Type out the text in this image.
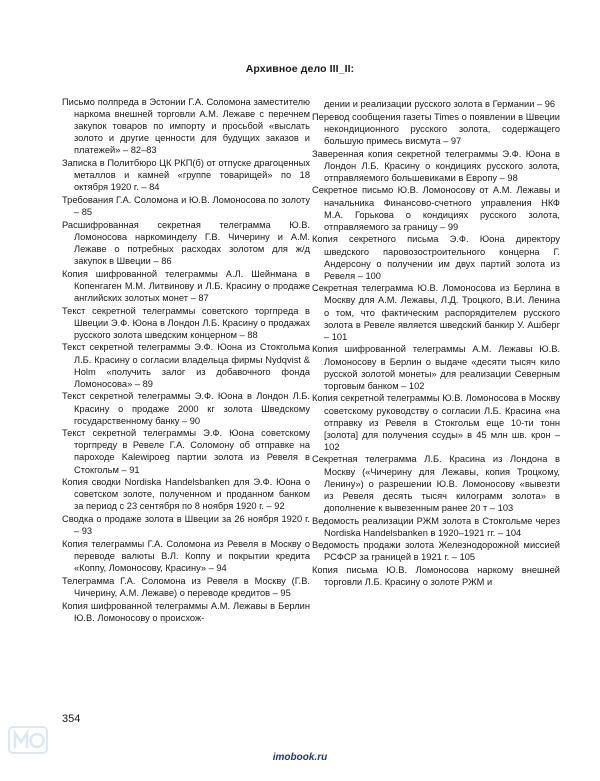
Архивное дело III_II:
Письмо полпреда в Эстонии Г.А. Соломона заместителю наркома внешней торговли А.М. Лежаве с перечнем закупок товаров по импорту и просьбой «выслать золото и другие ценности для будущих заказов и платежей» – 82–83
Записка в Политбюро ЦК РКП(б) от отпуске драгоценных металлов и камней «группе товарищей» по 18 октября 1920 г. – 84
Требования Г.А. Соломона и Ю.В. Ломоносова по золоту – 85
Расшифрованная секретная телеграмма Ю.В. Ломоносова наркоминделу Г.В. Чичерину и А.М. Лежаве о потребных расходах золотом для ж/д закупок в Швеции – 86
Копия шифрованной телеграммы А.Л. Шейнмана в Копенгаген М.М. Литвинову и Л.Б. Красину о продаже английских золотых монет – 87
Текст секретной телеграммы советского торгпреда в Швеции Э.Ф. Юона в Лондон Л.Б. Красину о продажах русского золота шведским концерном – 88
Текст секретной телеграммы Э.Ф. Юона из Стокгольма Л.Б. Красину о согласии владельца фирмы Nydqvist & Holm «получить залог из добавочного фонда Ломоносова» – 89
Текст секретной телеграммы Э.Ф. Юона в Лондон Л.Б. Красину о продаже 2000 кг золота Шведскому государственному банку – 90
Текст секретной телеграммы Э.Ф. Юона советскому торгпреду в Ревеле Г.А. Соломону об отправке на пароходе Kalewipoeg партии золота из Ревеля в Стокгольм – 91
Копия сводки Nordiska Handelsbanken для Э.Ф. Юона о советском золоте, полученном и проданном банком за период с 23 сентября по 8 ноября 1920 г. – 92
Сводка о продаже золота в Швеции за 26 ноября 1920 г. – 93
Копия телеграммы Г.А. Соломона из Ревеля в Москву о переводе валюты В.Л. Коппу и покрытии кредита «Коппу, Ломоносову, Красину» – 94
Телеграмма Г.А. Соломона из Ревеля в Москву (Г.В. Чичерину, А.М. Лежаве) о переводе кредитов – 95
Копия шифрованной телеграммы А.М. Лежавы в Берлин Ю.В. Ломоносову о происхож-
дении и реализации русского золота в Германии – 96
Перевод сообщения газеты Times о появлении в Швеции некондиционного русского золота, содержащего большую примесь висмута – 97
Заверенная копия секретной телеграммы Э.Ф. Юона в Лондон Л.Б. Красину о кондициях русского золота, отправляемого большевиками в Европу – 98
Секретное письмо Ю.В. Ломоносову от А.М. Лежавы и начальника Финансово-счетного управления НКФ М.А. Горькова о кондициях русского золота, отправляемого за границу – 99
Копия секретного письма Э.Ф. Юона директору шведского паровозостроительного концерна Г. Андерсону о получении им двух партий золота из Ревеля – 100
Секретная телеграмма Ю.В. Ломоносова из Берлина в Москву для А.М. Лежавы, Л.Д. Троцкого, В.И. Ленина о том, что фактическим распорядителем русского золота в Ревеле является шведский банкир У. Ашберг – 101
Копия шифрованной телеграммы А.М. Лежавы Ю.В. Ломоносову в Берлин о выдаче «десяти тысяч кило русской золотой монеты» для реализации Северным торговым банком – 102
Копия секретной телеграммы Ю.В. Ломоносова в Москву советскому руководству о согласии Л.Б. Красина «на отправку из Ревеля в Стокгольм еще 10-ти тонн [золота] для получения ссуды» в 45 млн шв. крон – 102
Секретная телеграмма Л.Б. Красина из Лондона в Москву («Чичерину для Лежавы, копия Троцкому, Ленину») о разрешении Ю.В. Ломоносову «вывезти из Ревеля десять тысяч килограмм золота» в дополнение к вывезенным ранее 20 т – 103
Ведомость реализации РЖМ золота в Стокгольме через Nordiska Handelsbanken в 1920–1921 гг. – 104
Ведомость продажи золота Железнодорожной миссией РСФСР за границей в 1921 г. – 105
Копия письма Ю.В. Ломоносова наркому внешней торговли Л.Б. Красину о золоте РЖМ и
354
imobook.ru
